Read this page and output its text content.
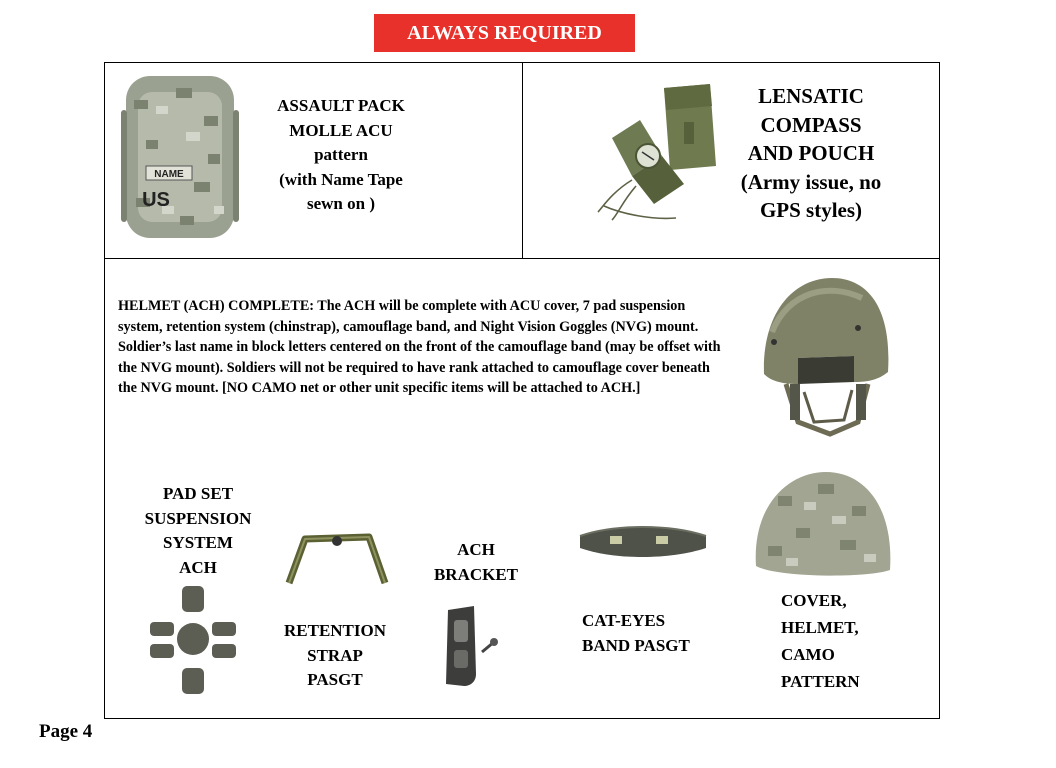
ALWAYS REQUIRED
NAME
US
ASSAULT PACK
MOLLE ACU
pattern
(with Name Tape
sewn on )
LENSATIC
COMPASS
AND POUCH
(Army issue, no
GPS styles)
HELMET (ACH) COMPLETE: The ACH will be complete with ACU cover, 7 pad suspension system, retention system (chinstrap), camouflage band, and Night Vision Goggles (NVG) mount. Soldier’s last name in block letters centered on the front of the camouflage band (may be offset with the NVG mount). Soldiers will not be required to have rank attached to camouflage cover beneath the NVG mount. [NO CAMO net or other unit specific items will be attached to ACH.]
PAD SET
SUSPENSION
SYSTEM
ACH
RETENTION
STRAP
PASGT
ACH
BRACKET
CAT-EYES
BAND PASGT
COVER,
HELMET,
CAMO
PATTERN
Page 4
